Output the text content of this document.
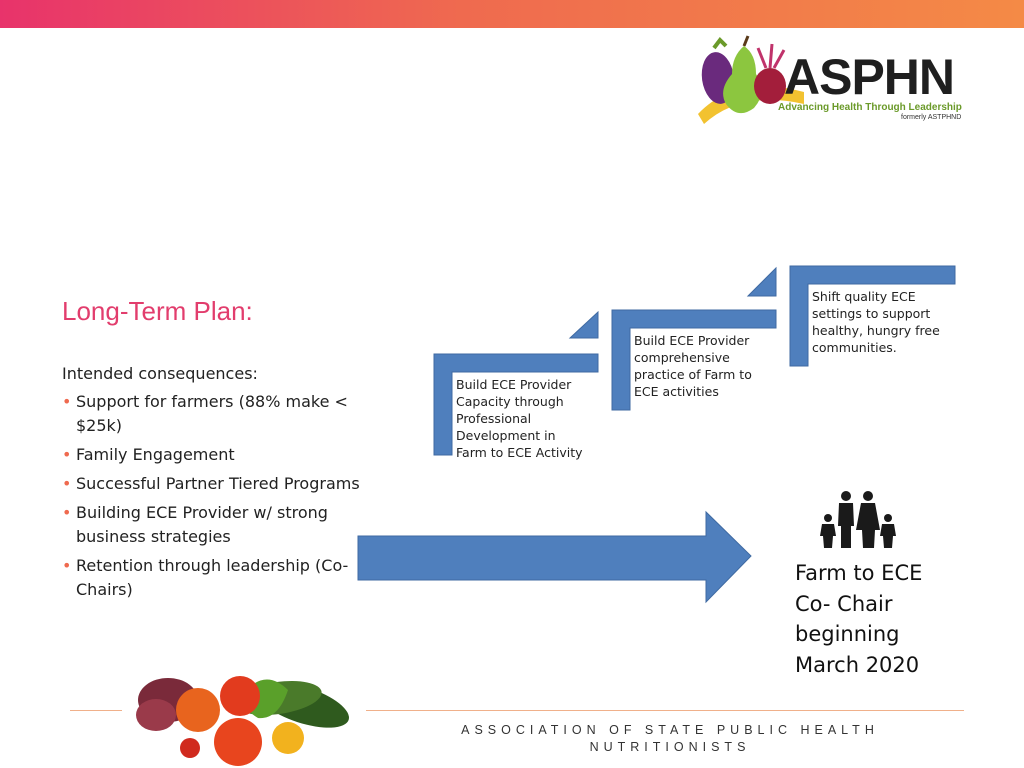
ASPHN
Advancing Health Through Leadership
formerly ASTPHND
Long-Term Plan:
Intended consequences:
• Support for farmers (88% make < $25k)
• Family Engagement
• Successful Partner Tiered Programs
• Building ECE Provider w/ strong business strategies
• Retention through leadership (Co-Chairs)
Build ECE Provider
Capacity through
Professional
Development in
Farm to ECE Activity
Build ECE Provider
comprehensive
practice of Farm to
ECE activities
Shift quality ECE
settings to support
healthy, hungry free
communities.
Farm to ECE
Co- Chair
beginning
March 2020
ASSOCIATION OF STATE PUBLIC HEALTH
NUTRITIONISTS
